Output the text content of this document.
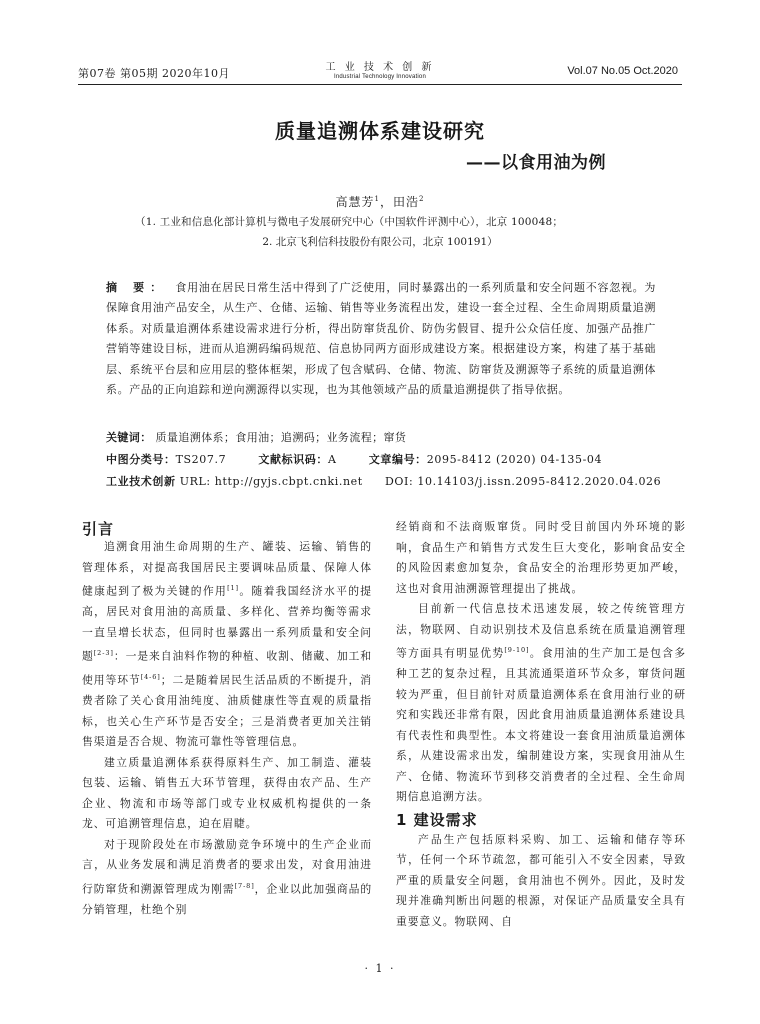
第07卷 第05期 2020年10月	工 业 技 术 创 新
Industrial Technology Innovation	Vol.07 No.05 Oct.2020
质量追溯体系建设研究
——以食用油为例
高慧芳$^1$，田浩$^2$
（1. 工业和信息化部计算机与微电子发展研究中心（中国软件评测中心），北京 100048；
2. 北京飞利信科技股份有限公司，北京 100191）
摘 要： 食用油在居民日常生活中得到了广泛使用，同时暴露出的一系列质量和安全问题不容忽视。为保障食用油产品安全，从生产、仓储、运输、销售等业务流程出发，建设一套全过程、全生命周期质量追溯体系。对质量追溯体系建设需求进行分析，得出防窜货乱价、防伪劣假冒、提升公众信任度、加强产品推广营销等建设目标，进而从追溯码编码规范、信息协同两方面形成建设方案。根据建设方案，构建了基于基础层、系统平台层和应用层的整体框架，形成了包含赋码、仓储、物流、防窜货及溯源等子系统的质量追溯体系。产品的正向追踪和逆向溯源得以实现，也为其他领域产品的质量追溯提供了指导依据。
关键词： 质量追溯体系；食用油；追溯码；业务流程；窜货
中图分类号：TS207.7	文献标识码：A	文章编号：2095-8412 (2020) 04-135-04
工业技术创新 URL: http://gyjs.cbpt.cnki.net DOI: 10.14103/j.issn.2095-8412.2020.04.026
引言

追溯食用油生命周期的生产、罐装、运输、销售的管理体系，对提高我国居民主要调味品质量、保障人体健康起到了极为关键的作用[1]。随着我国经济水平的提高，居民对食用油的高质量、多样化、营养均衡等需求一直呈增长状态，但同时也暴露出一系列质量和安全问题[2-3]：一是来自油料作物的种植、收割、储藏、加工和使用等环节[4-6]；二是随着居民生活品质的不断提升，消费者除了关心食用油纯度、油质健康性等直观的质量指标，也关心生产环节是否安全；三是消费者更加关注销售渠道是否合规、物流可靠性等管理信息。

建立质量追溯体系获得原料生产、加工制造、灌装包装、运输、销售五大环节管理，获得由农产品、生产企业、物流和市场等部门或专业权威机构提供的一条龙、可追溯管理信息，迫在眉睫。

对于现阶段处在市场激励竞争环境中的生产企业而言，从业务发展和满足消费者的要求出发，对食用油进行防窜货和溯源管理成为刚需[7-8]，企业以此加强商品的分销管理，杜绝个别

经销商和不法商贩窜货。同时受目前国内外环境的影响，食品生产和销售方式发生巨大变化，影响食品安全的风险因素愈加复杂，食品安全的治理形势更加严峻，这也对食用油溯源管理提出了挑战。

目前新一代信息技术迅速发展，较之传统管理方法，物联网、自动识别技术及信息系统在质量追溯管理等方面具有明显优势[9-10]。食用油的生产加工是包含多种工艺的复杂过程，且其流通渠道环节众多，窜货问题较为严重，但目前针对质量追溯体系在食用油行业的研究和实践还非常有限，因此食用油质量追溯体系建设具有代表性和典型性。本文将建设一套食用油质量追溯体系，从建设需求出发，编制建设方案，实现食用油从生产、仓储、物流环节到移交消费者的全过程、全生命周期信息追溯方法。

1 建设需求

产品生产包括原料采购、加工、运输和储存等环节，任何一个环节疏忽，都可能引入不安全因素，导致严重的质量安全问题，食用油也不例外。因此，及时发现并准确判断出问题的根源，对保证产品质量安全具有重要意义。物联网、自

· 1 ·
